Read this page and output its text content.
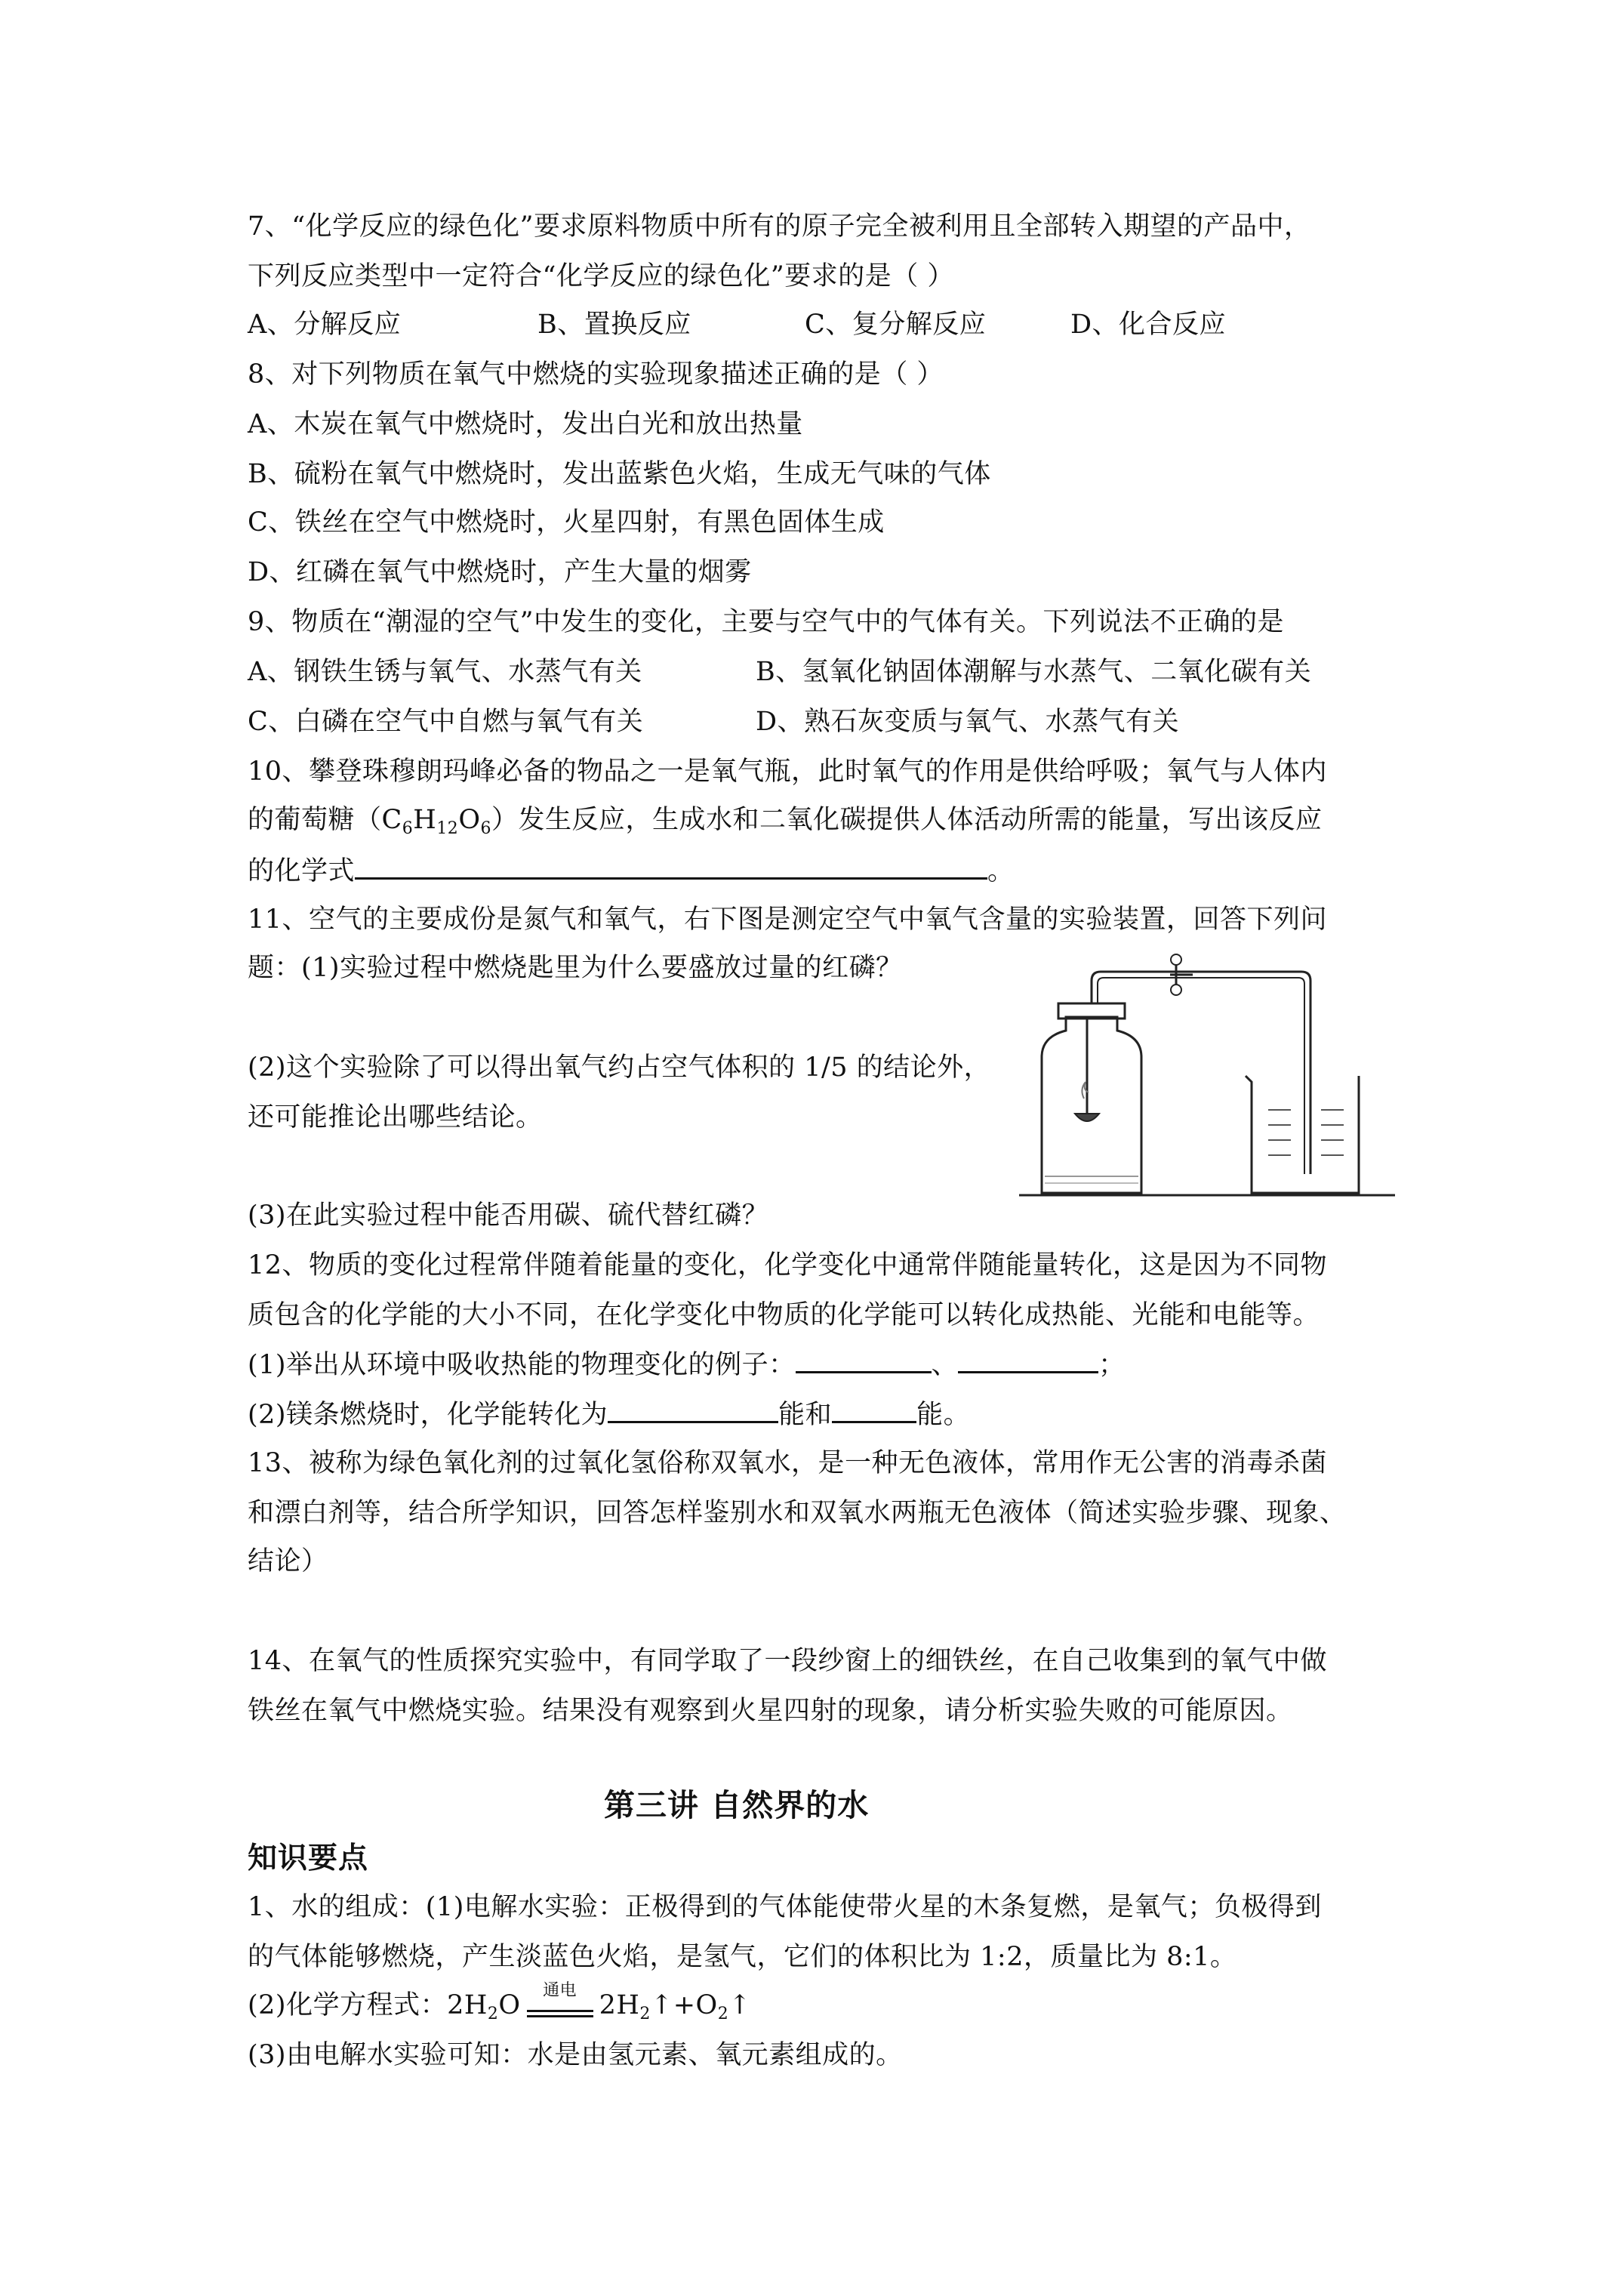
7、“化学反应的绿色化”要求原料物质中所有的原子完全被利用且全部转入期望的产品中，
下列反应类型中一定符合“化学反应的绿色化”要求的是（ ）
A、分解反应	B、置换反应	C、复分解反应	D、化合反应
8、对下列物质在氧气中燃烧的实验现象描述正确的是（ ）
A、木炭在氧气中燃烧时，发出白光和放出热量
B、硫粉在氧气中燃烧时，发出蓝紫色火焰，生成无气味的气体
C、铁丝在空气中燃烧时，火星四射，有黑色固体生成
D、红磷在氧气中燃烧时，产生大量的烟雾
9、物质在“潮湿的空气”中发生的变化，主要与空气中的气体有关。下列说法不正确的是
A、钢铁生锈与氧气、水蒸气有关	B、氢氧化钠固体潮解与水蒸气、二氧化碳有关
C、白磷在空气中自燃与氧气有关	D、熟石灰变质与氧气、水蒸气有关
10、攀登珠穆朗玛峰必备的物品之一是氧气瓶，此时氧气的作用是供给呼吸；氧气与人体内
的葡萄糖$(C_6H_{12}O_6)$发生反应，生成水和二氧化碳提供人体活动所需的能量，写出该反应
的化学式	。
11、空气的主要成份是氮气和氧气，右下图是测定空气中氧气含量的实验装置，回答下列问
题：(1)实验过程中燃烧匙里为什么要盛放过量的红磷？
(2)这个实验除了可以得出氧气约占空气体积的 1/5 的结论外，
还可能推论出哪些结论。
(3)在此实验过程中能否用碳、硫代替红磷？
12、物质的变化过程常伴随着能量的变化，化学变化中通常伴随能量转化，这是因为不同物
质包含的化学能的大小不同，在化学变化中物质的化学能可以转化成热能、光能和电能等。
(1)举出从环境中吸收热能的物理变化的例子：	、	；
(2)镁条燃烧时，化学能转化为	能和	能。
13、被称为绿色氧化剂的过氧化氢俗称双氧水，是一种无色液体，常用作无公害的消毒杀菌
和漂白剂等，结合所学知识，回答怎样鉴别水和双氧水两瓶无色液体（简述实验步骤、现象、
结论）
14、在氧气的性质探究实验中，有同学取了一段纱窗上的细铁丝，在自己收集到的氧气中做
铁丝在氧气中燃烧实验。结果没有观察到火星四射的现象，请分析实验失败的可能原因。
第三讲 自然界的水
知识要点
1、水的组成：(1)电解水实验：正极得到的气体能使带火星的木条复燃，是氧气；负极得到
的气体能够燃烧，产生淡蓝色火焰，是氢气，它们的体积比为 1:2，质量比为 8:1。
(2)化学方程式：$2H_2O$	通电 $2H_2↑+O_2↑$
(3)由电解水实验可知：水是由氢元素、氧元素组成的。
